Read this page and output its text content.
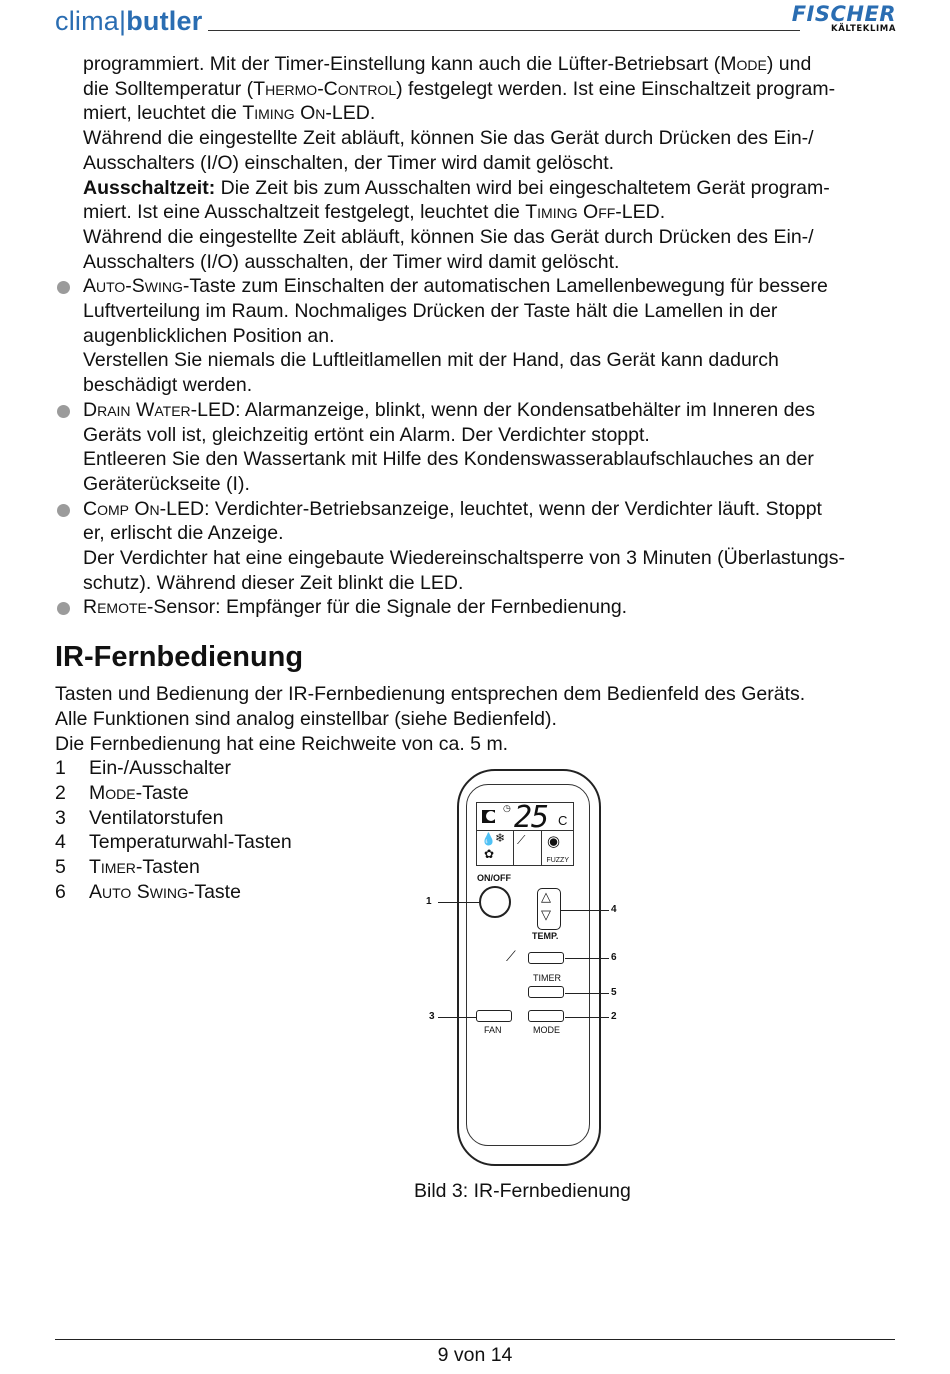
clima|butler	FISCHER
KÄLTEKLIMA

programmiert. Mit der Timer-Einstellung kann auch die Lüfter-Betriebsart (Mode) und

die Solltemperatur (Thermo-Control) festgelegt werden. Ist eine Einschaltzeit program-

miert, leuchtet die Timing On-LED.

Während die eingestellte Zeit abläuft, können Sie das Gerät durch Drücken des Ein-/

Ausschalters (I/O) einschalten, der Timer wird damit gelöscht.

Ausschaltzeit: Die Zeit bis zum Ausschalten wird bei eingeschaltetem Gerät program-

miert. Ist eine Ausschaltzeit festgelegt, leuchtet die Timing Off-LED.

Während die eingestellte Zeit abläuft, können Sie das Gerät durch Drücken des Ein-/

Ausschalters (I/O) ausschalten, der Timer wird damit gelöscht.

Auto-Swing-Taste zum Einschalten der automatischen Lamellenbewegung für bessere

Luftverteilung im Raum. Nochmaliges Drücken der Taste hält die Lamellen in der

augenblicklichen Position an.

Verstellen Sie niemals die Luftleitlamellen mit der Hand, das Gerät kann dadurch

beschädigt werden.

Drain Water-LED: Alarmanzeige, blinkt, wenn der Kondensatbehälter im Inneren des

Geräts voll ist, gleichzeitig ertönt ein Alarm. Der Verdichter stoppt.

Entleeren Sie den Wassertank mit Hilfe des Kondenswasserablaufschlauches an der

Geräterückseite (I).

Comp On-LED: Verdichter-Betriebsanzeige, leuchtet, wenn der Verdichter läuft. Stoppt

er, erlischt die Anzeige.

Der Verdichter hat eine eingebaute Wiedereinschaltsperre von 3 Minuten (Überlastungs-

schutz). Während dieser Zeit blinkt die LED.

Remote-Sensor: Empfänger für die Signale der Fernbedienung.

IR-Fernbedienung

Tasten und Bedienung der IR-Fernbedienung entsprechen dem Bedienfeld des Geräts.

Alle Funktionen sind analog einstellbar (siehe Bedienfeld).

Die Fernbedienung hat eine Reichweite von ca. 5 m.

1	Ein-/Ausschalter
2	Mode-Taste
3	Ventilatorstufen
4	Temperaturwahl-Tasten
5	Timer-Tasten
6	Auto Swing-Taste
◷ 25 C
💧 ❄
✿
⟋ ◉
FUZZY
ON/OFF
△
▽
TEMP.
⟋
TIMER
FAN	MODE
1
4
6
5
3	2
Bild 3: IR-Fernbedienung
9 von 14
